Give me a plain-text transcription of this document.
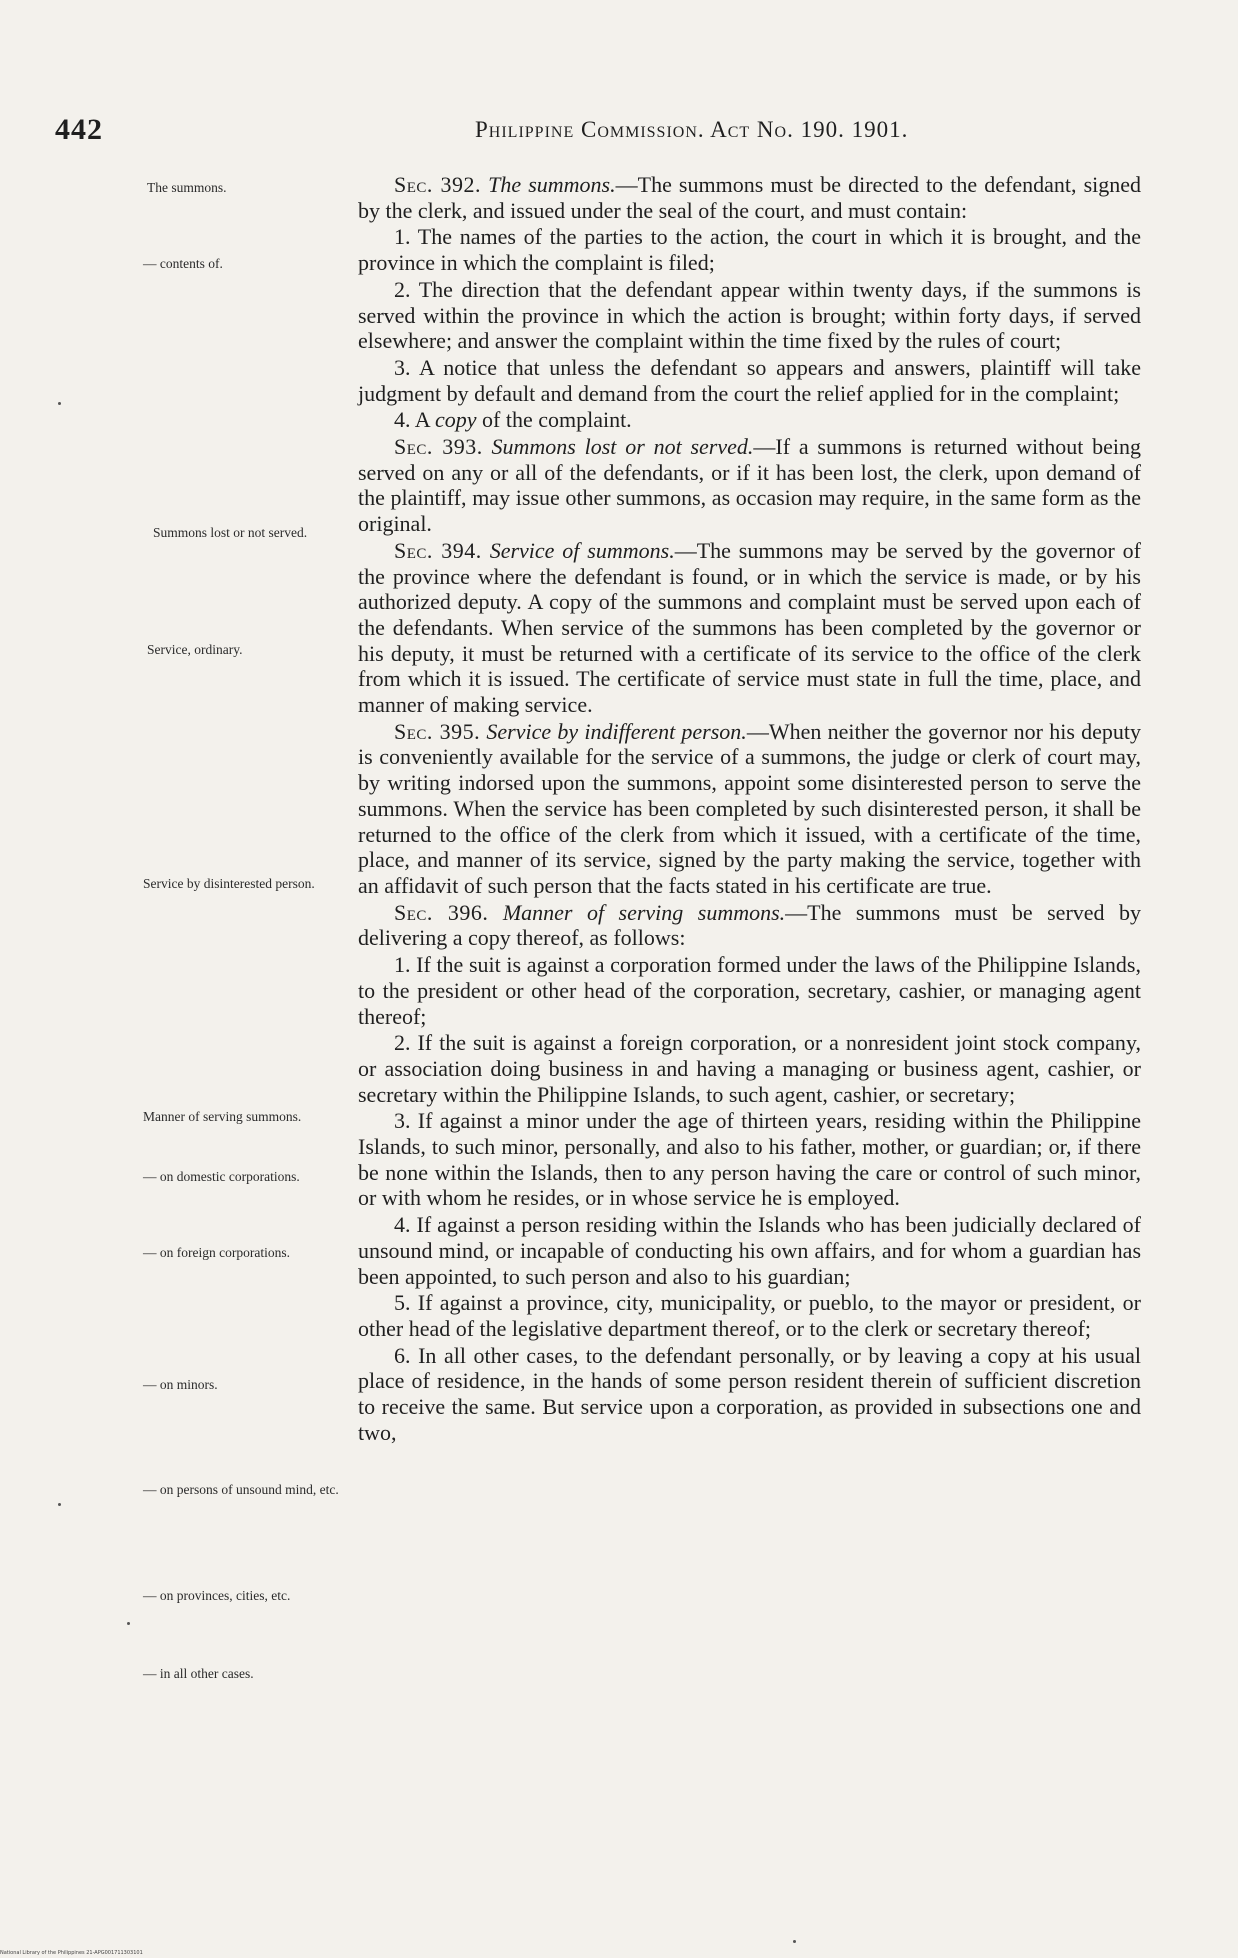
442	Philippine Commission. Act No. 190. 1901.
The summons.
— contents of.
Summons lost or not served.
Service, ordinary.
Service by disinterested person.
Manner of serving summons.
— on domestic corporations.
— on foreign corporations.
— on minors.
— on persons of unsound mind, etc.
— on provinces, cities, etc.
— in all other cases.

Sec. 392. The summons.—The summons must be directed to the defendant, signed by the clerk, and issued under the seal of the court, and must contain:

1. The names of the parties to the action, the court in which it is brought, and the province in which the complaint is filed;

2. The direction that the defendant appear within twenty days, if the summons is served within the province in which the action is brought; within forty days, if served elsewhere; and answer the complaint within the time fixed by the rules of court;

3. A notice that unless the defendant so appears and answers, plaintiff will take judgment by default and demand from the court the relief applied for in the complaint;

4. A copy of the complaint.

Sec. 393. Summons lost or not served.—If a summons is returned without being served on any or all of the defendants, or if it has been lost, the clerk, upon demand of the plaintiff, may issue other summons, as occasion may require, in the same form as the original.

Sec. 394. Service of summons.—The summons may be served by the governor of the province where the defendant is found, or in which the service is made, or by his authorized deputy. A copy of the summons and complaint must be served upon each of the defendants. When service of the summons has been completed by the governor or his deputy, it must be returned with a certificate of its service to the office of the clerk from which it is issued. The certificate of service must state in full the time, place, and manner of making service.

Sec. 395. Service by indifferent person.—When neither the governor nor his deputy is conveniently available for the service of a summons, the judge or clerk of court may, by writing indorsed upon the summons, appoint some disinterested person to serve the summons. When the service has been completed by such disinterested person, it shall be returned to the office of the clerk from which it issued, with a certificate of the time, place, and manner of its service, signed by the party making the service, together with an affidavit of such person that the facts stated in his certificate are true.

Sec. 396. Manner of serving summons.—The summons must be served by delivering a copy thereof, as follows:

1. If the suit is against a corporation formed under the laws of the Philippine Islands, to the president or other head of the corporation, secretary, cashier, or managing agent thereof;

2. If the suit is against a foreign corporation, or a nonresident joint stock company, or association doing business in and having a managing or business agent, cashier, or secretary within the Philippine Islands, to such agent, cashier, or secretary;

3. If against a minor under the age of thirteen years, residing within the Philippine Islands, to such minor, personally, and also to his father, mother, or guardian; or, if there be none within the Islands, then to any person having the care or control of such minor, or with whom he resides, or in whose service he is employed.

4. If against a person residing within the Islands who has been judicially declared of unsound mind, or incapable of conducting his own affairs, and for whom a guardian has been appointed, to such person and also to his guardian;

5. If against a province, city, municipality, or pueblo, to the mayor or president, or other head of the legislative department thereof, or to the clerk or secretary thereof;

6. In all other cases, to the defendant personally, or by leaving a copy at his usual place of residence, in the hands of some person resident therein of sufficient discretion to receive the same. But service upon a corporation, as provided in subsections one and two,

National Library of the Philippines 21-APG001711303101
